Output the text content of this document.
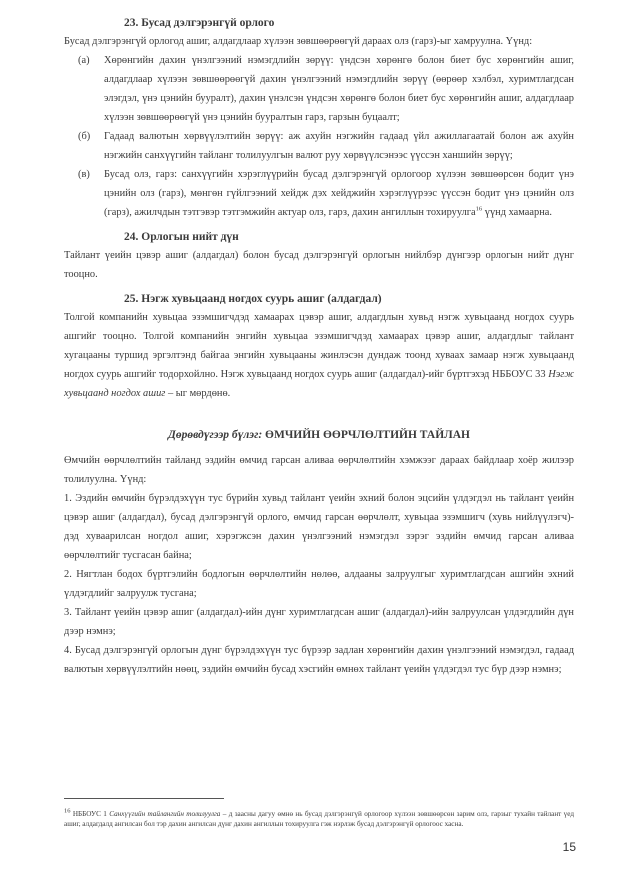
23. Бусад дэлгэрэнгүй орлого

Бусад дэлгэрэнгүй орлогод ашиг, алдагдлаар хүлээн зөвшөөрөөгүй дараах олз (гарз)-ыг хамруулна. Үүнд:

(а)	Хөрөнгийн дахин үнэлгээний нэмэгдлийн зөрүү: үндсэн хөрөнгө болон биет бус хөрөнгийн ашиг, алдагдлаар хүлээн зөвшөөрөөгүй дахин үнэлгээний нэмэгдлийн зөрүү (өөрөөр хэлбэл, хуримтлагдсан элэгдэл, үнэ цэнийн бууралт), дахин үнэлсэн үндсэн хөрөнгө болон биет бус хөрөнгийн ашиг, алдагдлаар хүлээн зөвшөөрөөгүй үнэ цэнийн бууралтын гарз, гарзын буцаалт;
(б)	Гадаад валютын хөрвүүлэлтийн зөрүү: аж ахуйн нэгжийн гадаад үйл ажиллагаатай болон аж ахуйн нэгжийн санхүүгийн тайланг толилуулгын валют руу хөрвүүлсэнээс үүссэн ханшийн зөрүү;
(в)	Бусад олз, гарз: санхүүгийн хэрэглүүрийн бусад дэлгэрэнгүй орлогоор хүлээн зөвшөөрсөн бодит үнэ цэнийн олз (гарз), мөнгөн гүйлгээний хейдж дэх хейджийн хэрэглүүрээс үүссэн бодит үнэ цэнийн олз (гарз), ажилчдын тэтгэвэр тэтгэмжийн актуар олз, гарз, дахин ангиллын тохируулга$^{16}$ үүнд хамаарна.

24. Орлогын нийт дүн

Тайлант үеийн цэвэр ашиг (алдагдал) болон бусад дэлгэрэнгүй орлогын нийлбэр дүнгээр орлогын нийт дүнг тооцно.

25. Нэгж хувьцаанд ногдох суурь ашиг (алдагдал)

Толгой компанийн хувьцаа эзэмшигчдэд хамаарах цэвэр ашиг, алдагдлын хувьд нэгж хувьцаанд ногдох суурь ашгийг тооцно. Толгой компанийн энгийн хувьцаа эзэмшигчдэд хамаарах цэвэр ашиг, алдагдлыг тайлант хугацааны туршид эргэлтэнд байгаа энгийн хувьцааны жинлэсэн дундаж тоонд хуваах замаар нэгж хувьцаанд ногдох суурь ашгийг тодорхойлно. Нэгж хувьцаанд ногдох суурь ашиг (алдагдал)-ийг бүртгэхэд НББОУС 33 Нэгж хувьцаанд ногдох ашиг – ыг мөрдөнө.

Дөрөвдүгээр бүлэг: ӨМЧИЙН ӨӨРЧЛӨЛТИЙН ТАЙЛАН

Өмчийн өөрчлөлтийн тайланд эздийн өмчид гарсан аливаа өөрчлөлтийн хэмжээг дараах байдлаар хоёр жилээр толилуулна. Үүнд:

1. Эздийн өмчийн бүрэлдэхүүн тус бүрийн хувьд тайлант үеийн эхний болон эцсийн үлдэгдэл нь тайлант үеийн цэвэр ашиг (алдагдал), бусад дэлгэрэнгүй орлого, өмчид гарсан өөрчлөлт, хувьцаа эзэмшигч (хувь нийлүүлэгч)-дэд хуваарилсан ногдол ашиг, хэрэгжсэн дахин үнэлгээний нэмэгдэл зэрэг эздийн өмчид гарсан аливаа өөрчлөлтийг тусгасан байна;

2. Нягтлан бодох бүртгэлийн бодлогын өөрчлөлтийн нөлөө, алдааны залруулгыг хуримтлагдсан ашгийн эхний үлдэгдлийг залруулж тусгана;

3. Тайлант үеийн цэвэр ашиг (алдагдал)-ийн дүнг хуримтлагдсан ашиг (алдагдал)-ийн залруулсан үлдэгдлийн дүн дээр нэмнэ;

4. Бусад дэлгэрэнгүй орлогын дүнг бүрэлдэхүүн тус бүрээр задлан хөрөнгийн дахин үнэлгээний нэмэгдэл, гадаад валютын хөрвүүлэлтийн нөөц, эздийн өмчийн бусад хэсгийн өмнөх тайлант үеийн үлдэгдэл тус бүр дээр нэмнэ;

$^{16}$ НББОУС 1 Санхүүгийн тайлангийн толилуулга – д заасны дагуу өмнө нь бусад дэлгэрэнгүй орлогоор хүлээн зөвшөөрсөн зарим олз, гарзыг тухайн тайлант үед ашиг, алдагдалд ангилсан бол тэр дахин ангилсан дүнг дахин ангиллын тохируулга гэж нэрлэж бусад дэлгэрэнгүй орлогоос хасна.

15
